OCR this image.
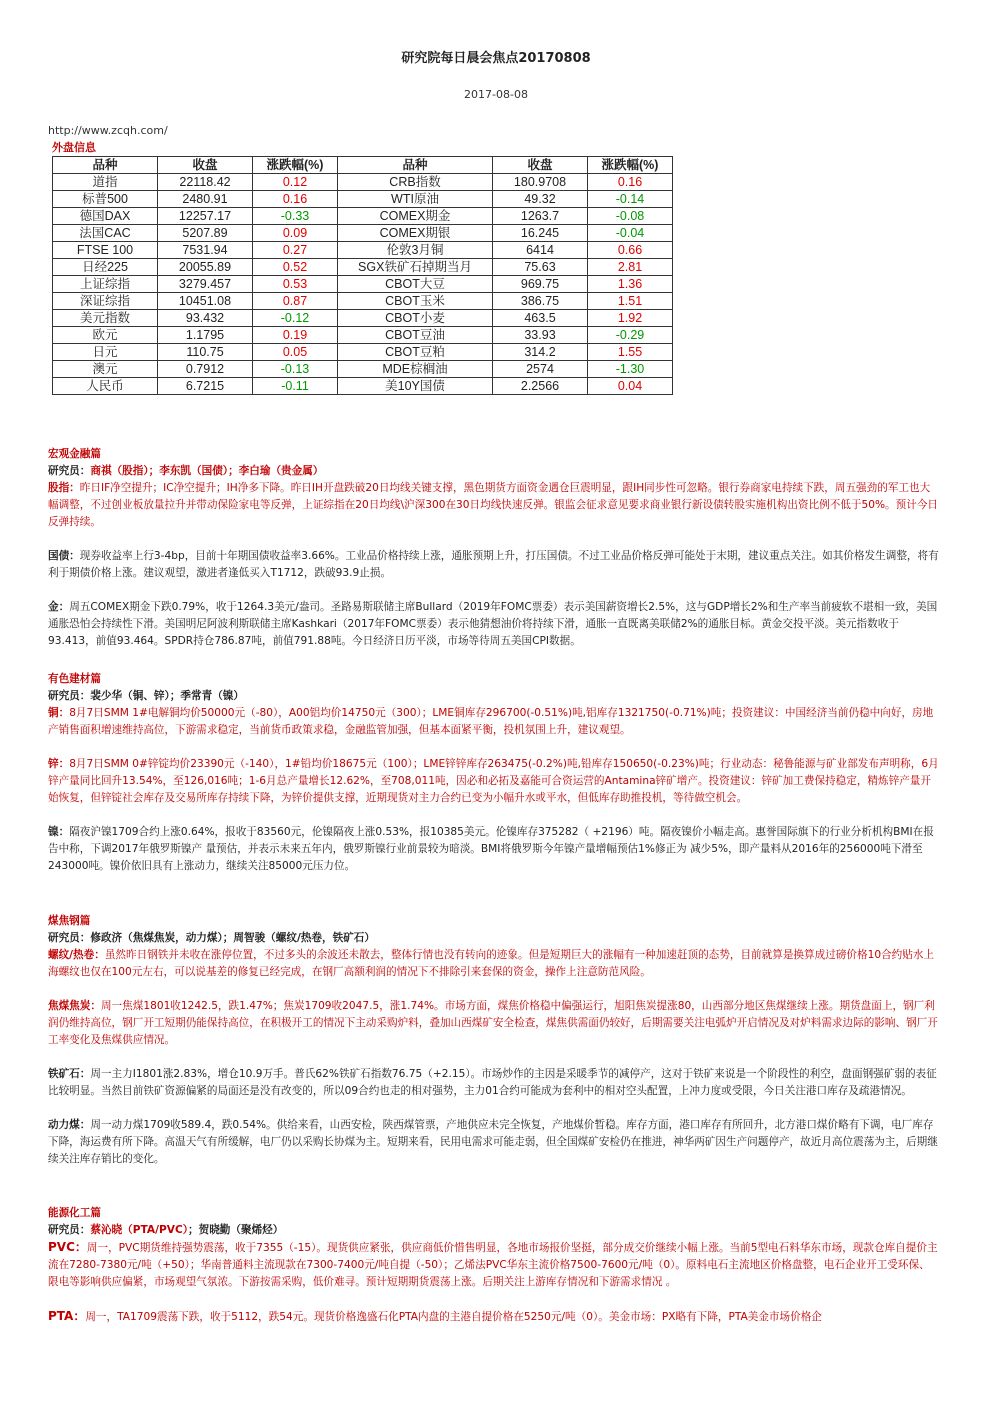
研究院每日晨会焦点20170808
2017-08-08
http://www.zcqh.com/
外盘信息
品种	收盘	涨跌幅(%)	品种	收盘	涨跌幅(%)
道指	22118.42	0.12	CRB指数	180.9708	0.16
标普500	2480.91	0.16	WTI原油	49.32	-0.14
德国DAX	12257.17	-0.33	COMEX期金	1263.7	-0.08
法国CAC	5207.89	0.09	COMEX期银	16.245	-0.04
FTSE 100	7531.94	0.27	伦敦3月铜	6414	0.66
日经225	20055.89	0.52	SGX铁矿石掉期当月	75.63	2.81
上证综指	3279.457	0.53	CBOT大豆	969.75	1.36
深证综指	10451.08	0.87	CBOT玉米	386.75	1.51
美元指数	93.432	-0.12	CBOT小麦	463.5	1.92
欧元	1.1795	0.19	CBOT豆油	33.93	-0.29
日元	110.75	0.05	CBOT豆粕	314.2	1.55
澳元	0.7912	-0.13	MDE棕榈油	2574	-1.30
人民币	6.7215	-0.11	美10Y国债	2.2566	0.04

宏观金融篇

研究员：商祺（股指）；李东凯（国债）；李白瑜（贵金属）

股指：昨日IF净空提升；IC净空提升；IH净多下降。昨日IH开盘跌破20日均线关键支撑，黑色期货方面资金遇仓巨震明显，跟IH同步性可忽略。银行券商家电持续下跌，周五强劲的军工也大幅调整，不过创业板放量拉升并带动保险家电等反弹，上证综指在20日均线\沪深300在30日均线快速反弹。银监会征求意见要求商业银行新设债转股实施机构出资比例不低于50%。预计今日反弹持续。

国债：现券收益率上行3-4bp，目前十年期国债收益率3.66%。工业品价格持续上涨，通胀预期上升，打压国债。不过工业品价格反弹可能处于末期，建议重点关注。如其价格发生调整，将有利于期债价格上涨。建议观望，激进者逢低买入T1712，跌破93.9止损。

金：周五COMEX期金下跌0.79%，收于1264.3美元/盎司。圣路易斯联储主席Bullard（2019年FOMC票委）表示美国薪资增长2.5%，这与GDP增长2%和生产率当前疲软不堪相一致，美国通胀恐怕会持续性下滑。美国明尼阿波利斯联储主席Kashkari（2017年FOMC票委）表示他猜想油价将持续下滑，通胀一直既离美联储2%的通胀目标。黄金交投平淡。美元指数收于93.413，前值93.464。SPDR持仓786.87吨，前值791.88吨。今日经济日历平淡，市场等待周五美国CPI数据。

有色建材篇

研究员：裴少华（铜、锌）；季常青（镍）

铜：8月7日SMM 1#电解铜均价50000元（-80），A00铝均价14750元（300）；LME铜库存296700(-0.51%)吨,铝库存1321750(-0.71%)吨；投资建议：中国经济当前仍稳中向好，房地产销售面积增速维持高位，下游需求稳定，当前货币政策求稳，金融监管加强，但基本面紧平衡，投机氛围上升，建议观望。

锌：8月7日SMM 0#锌锭均价23390元（-140），1#铅均价18675元（100）；LME锌锌库存263475(-0.2%)吨,铅库存150650(-0.23%)吨；行业动态：秘鲁能源与矿业部发布声明称，6月锌产量同比回升13.54%，至126,016吨；1-6月总产量增长12.62%，至708,011吨，因必和必拓及嘉能可合资运营的Antamina锌矿增产。投资建议：锌矿加工费保持稳定，精炼锌产量开始恢复，但锌锭社会库存及交易所库存持续下降，为锌价提供支撑，近期现货对主力合约已变为小幅升水或平水，但低库存助推投机，等待做空机会。

镍：隔夜沪镍1709合约上涨0.64%，报收于83560元，伦镍隔夜上涨0.53%，报10385美元。伦镍库存375282（ +2196）吨。隔夜镍价小幅走高。惠誉国际旗下的行业分析机构BMI在报告中称，下调2017年俄罗斯镍产 量预估，并表示未来五年内，俄罗斯镍行业前景较为暗淡。BMI将俄罗斯今年镍产量增幅预估1%修正为 减少5%，即产量料从2016年的256000吨下滑至243000吨。镍价依旧具有上涨动力，继续关注85000元压力位。

煤焦钢篇

研究员：修政济（焦煤焦炭，动力煤）；周智骏（螺纹/热卷，铁矿石）

螺纹/热卷：虽然昨日钢铁并未收在涨停位置，不过多头的余波还未散去，整体行情也没有转向的迹象。但是短期巨大的涨幅有一种加速赶顶的态势，目前就算是换算成过磅价格10合约贴水上海螺纹也仅在100元左右，可以说基差的修复已经完成，在钢厂高额利润的情况下不排除引来套保的资金，操作上注意防范风险。

焦煤焦炭：周一焦煤1801收1242.5，跌1.47%；焦炭1709收2047.5，涨1.74%。市场方面，煤焦价格稳中偏强运行，旭阳焦炭提涨80，山西部分地区焦煤继续上涨。期货盘面上，钢厂利润仍维持高位，钢厂开工短期仍能保持高位，在积极开工的情况下主动采购炉料，叠加山西煤矿安全检查，煤焦供需面仍较好，后期需要关注电弧炉开启情况及对炉料需求边际的影响、钢厂开工率变化及焦煤供应情况。

铁矿石：周一主力I1801涨2.83%，增仓10.9万手。普氏62%铁矿石指数76.75（+2.15）。市场炒作的主因是采暖季节的减停产，这对于铁矿来说是一个阶段性的利空，盘面钢强矿弱的表征比较明显。当然目前铁矿资源偏紧的局面还是没有改变的，所以09合约也走的相对强势，主力01合约可能成为套利中的相对空头配置，上冲力度或受限，今日关注港口库存及疏港情况。

动力煤：周一动力煤1709收589.4，跌0.54%。供给来看，山西安检，陕西煤管票，产地供应未完全恢复，产地煤价暂稳。库存方面，港口库存有所回升，北方港口煤价略有下调，电厂库存下降，海运费有所下降。高温天气有所缓解，电厂仍以采购长协煤为主。短期来看，民用电需求可能走弱，但全国煤矿安检仍在推进，神华两矿因生产问题停产，故近月高位震荡为主，后期继续关注库存销比的变化。

能源化工篇

研究员：蔡沁晓（PTA/PVC）；贺晓勤（聚烯烃）

PVC：周一，PVC期货维持强势震荡，收于7355（-15）。现货供应紧张，供应商低价惜售明显，各地市场报价坚挺，部分成交价继续小幅上涨。当前5型电石料华东市场，现款仓库自提价主流在7280-7380元/吨（+50）；华南普通料主流现款在7300-7400元/吨自提（-50）；乙烯法PVC华东主流价格7500-7600元/吨（0）。原料电石主流地区价格盘整，电石企业开工受环保、限电等影响供应偏紧，市场观望气氛浓。下游按需采购，低价难寻。预计短期期货震荡上涨。后期关注上游库存情况和下游需求情况 。

PTA：周一，TA1709震荡下跌，收于5112，跌54元。现货价格逸盛石化PTA内盘的主港自提价格在5250元/吨（0）。美金市场：PX略有下降，PTA美金市场价格企
